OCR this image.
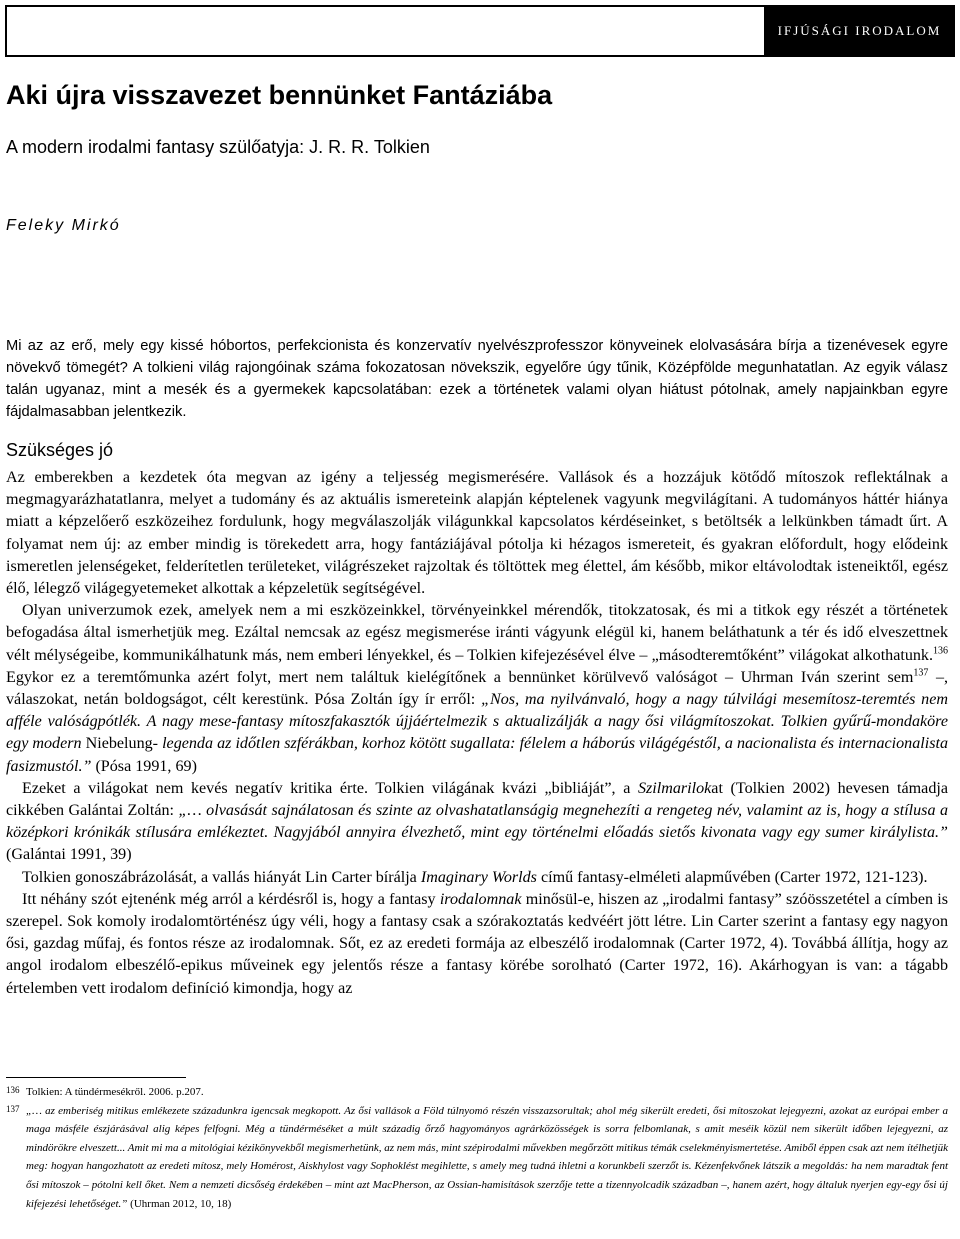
IFJÚSÁGI IRODALOM
Aki újra visszavezet bennünket Fantáziába
A modern irodalmi fantasy szülőatyja: J. R. R. Tolkien
Feleky Mirkó

Mi az az erő, mely egy kissé hóbortos, perfekcionista és konzervatív nyelvészprofesszor könyveinek elolvasására bírja a tizenévesek egyre növekvő tömegét? A tolkieni világ rajongóinak száma fokozatosan növekszik, egyelőre úgy tűnik, Középfölde megunhatatlan. Az egyik válasz talán ugyanaz, mint a mesék és a gyermekek kapcsolatában: ezek a történetek valami olyan hiátust pótolnak, amely napjainkban egyre fájdalmasabban jelentkezik.

Szükséges jó

Az emberekben a kezdetek óta megvan az igény a teljesség megismerésére. Vallások és a hozzájuk kötődő mítoszok reflektálnak a megmagyarázhatatlanra, melyet a tudomány és az aktuális ismereteink alapján képtelenek vagyunk megvilágítani. A tudományos háttér hiánya miatt a képzelőerő eszközeihez fordulunk, hogy megválaszolják világunkkal kapcsolatos kérdéseinket, s betöltsék a lelkünkben támadt űrt. A folyamat nem új: az ember mindig is törekedett arra, hogy fantáziájával pótolja ki hézagos ismereteit, és gyakran előfordult, hogy elődeink ismeretlen jelenségeket, felderítetlen területeket, világrészeket rajzoltak és töltöttek meg élettel, ám később, mikor eltávolodtak isteneiktől, egész élő, lélegző világegyetemeket alkottak a képzeletük segítségével.

Olyan univerzumok ezek, amelyek nem a mi eszközeinkkel, törvényeinkkel mérendők, titokzatosak, és mi a titkok egy részét a történetek befogadása által ismerhetjük meg. Ezáltal nemcsak az egész megismerése iránti vágyunk elégül ki, hanem beláthatunk a tér és idő elveszettnek vélt mélységeibe, kommunikálhatunk más, nem emberi lényekkel, és – Tolkien kifejezésével élve – „másodteremtőként” világokat alkothatunk.$^{136}$ Egykor ez a teremtőmunka azért folyt, mert nem találtuk kielégítőnek a bennünket körülvevő valóságot – Uhrman Iván szerint sem$^{137}$ –, válaszokat, netán boldogságot, célt kerestünk. Pósa Zoltán így ír erről: „Nos, ma nyilvánvaló, hogy a nagy túlvilági mesemítosz-teremtés nem afféle valóságpótlék. A nagy mese-fantasy mítoszfakasztók újjáértelmezik s aktualizálják a nagy ősi világmítoszokat. Tolkien gyűrű-mondaköre egy modern Niebelung- legenda az időtlen szférákban, korhoz kötött sugallata: félelem a háborús világégéstől, a nacionalista és internacionalista fasizmustól.” (Pósa 1991, 69)

Ezeket a világokat nem kevés negatív kritika érte. Tolkien világának kvázi „bibliáját”, a Szilmarilokat (Tolkien 2002) hevesen támadja cikkében Galántai Zoltán: „… olvasását sajnálatosan és szinte az olvashatatlanságig megnehezíti a rengeteg név, valamint az is, hogy a stílusa a középkori krónikák stílusára emlékeztet. Nagyjából annyira élvezhető, mint egy történelmi előadás sietős kivonata vagy egy sumer királylista.” (Galántai 1991, 39)

Tolkien gonoszábrázolását, a vallás hiányát Lin Carter bírálja Imaginary Worlds című fantasy-elméleti alapművében (Carter 1972, 121-123).

Itt néhány szót ejtenénk még arról a kérdésről is, hogy a fantasy irodalomnak minősül-e, hiszen az „irodalmi fantasy” szóösszetétel a címben is szerepel. Sok komoly irodalomtörténész úgy véli, hogy a fantasy csak a szórakoztatás kedvéért jött létre. Lin Carter szerint a fantasy egy nagyon ősi, gazdag műfaj, és fontos része az irodalomnak. Sőt, ez az eredeti formája az elbeszélő irodalomnak (Carter 1972, 4). Továbbá állítja, hogy az angol irodalom elbeszélő-epikus műveinek egy jelentős része a fantasy körébe sorolható (Carter 1972, 16). Akárhogyan is van: a tágabb értelemben vett irodalom definíció kimondja, hogy az

136 Tolkien: A tündérmesékről. 2006. p.207.
137 „… az emberiség mitikus emlékezete századunkra igencsak megkopott. Az ősi vallások a Föld túlnyomó részén visszazsorultak; ahol még sikerült eredeti, ősi mítoszokat lejegyezni, azokat az európai ember a maga másféle észjárásával alig képes felfogni. Még a tündérméséket a múlt századig őrző hagyományos agrárközösségek is sorra felbomlanak, s amit meséik közül nem sikerült időben lejegyezni, az mindörökre elveszett... Amit mi ma a mitológiai kézikönyvekből megismerhetünk, az nem más, mint szépirodalmi művekben megőrzött mitikus témák cselekményismertetése. Amiből éppen csak azt nem ítélhetjük meg: hogyan hangozhatott az eredeti mítosz, mely Homérost, Aiskhylost vagy Sophoklést megihlette, s amely meg tudná ihletni a korunkbeli szerzőt is. Kézenfekvőnek látszik a megoldás: ha nem maradtak fent ősi mítoszok – pótolni kell őket. Nem a nemzeti dicsőség érdekében – mint azt MacPherson, az Ossian-hamisítások szerzője tette a tizennyolcadik században –, hanem azért, hogy általuk nyerjen egy-egy ősi új kifejezési lehetőséget.” (Uhrman 2012, 10, 18)
